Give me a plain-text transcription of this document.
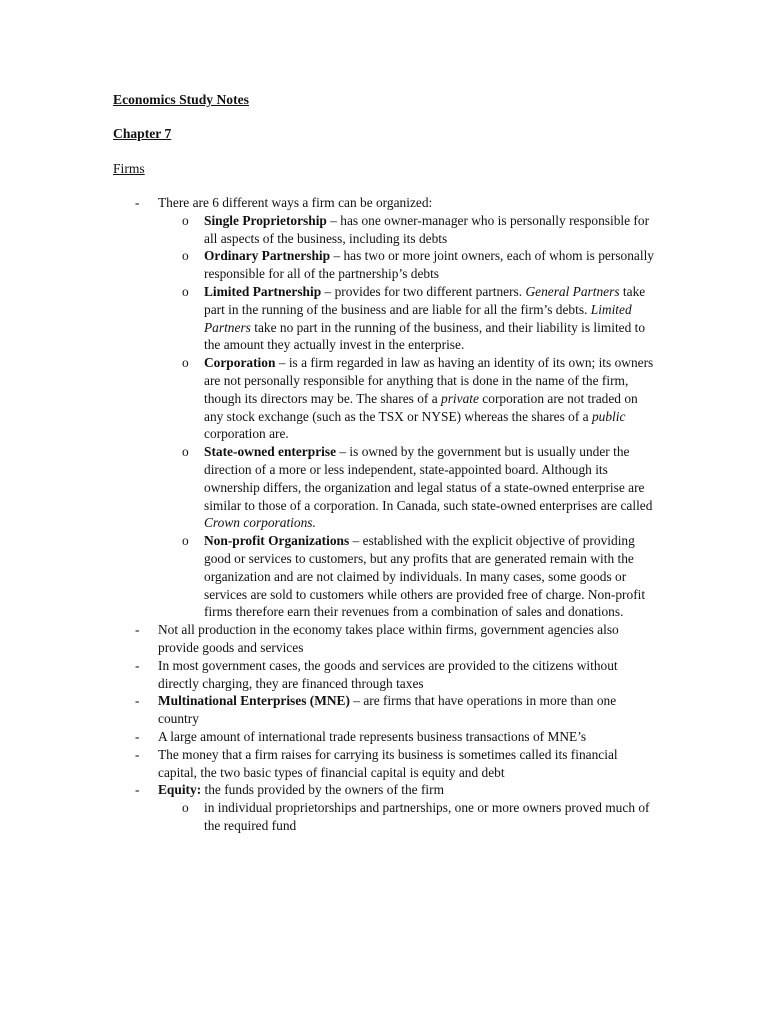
Economics Study Notes
Chapter 7
Firms
- There are 6 different ways a firm can be organized:
o Single Proprietorship – has one owner-manager who is personally responsible for all aspects of the business, including its debts
o Ordinary Partnership – has two or more joint owners, each of whom is personally responsible for all of the partnership’s debts
o Limited Partnership – provides for two different partners. General Partners take part in the running of the business and are liable for all the firm’s debts. Limited Partners take no part in the running of the business, and their liability is limited to the amount they actually invest in the enterprise.
o Corporation – is a firm regarded in law as having an identity of its own; its owners are not personally responsible for anything that is done in the name of the firm, though its directors may be. The shares of a private corporation are not traded on any stock exchange (such as the TSX or NYSE) whereas the shares of a public corporation are.
o State-owned enterprise – is owned by the government but is usually under the direction of a more or less independent, state-appointed board. Although its ownership differs, the organization and legal status of a state-owned enterprise are similar to those of a corporation. In Canada, such state-owned enterprises are called Crown corporations.
o Non-profit Organizations – established with the explicit objective of providing good or services to customers, but any profits that are generated remain with the organization and are not claimed by individuals. In many cases, some goods or services are sold to customers while others are provided free of charge. Non-profit firms therefore earn their revenues from a combination of sales and donations.
- Not all production in the economy takes place within firms, government agencies also provide goods and services
- In most government cases, the goods and services are provided to the citizens without directly charging, they are financed through taxes
- Multinational Enterprises (MNE) – are firms that have operations in more than one country
- A large amount of international trade represents business transactions of MNE’s
- The money that a firm raises for carrying its business is sometimes called its financial capital, the two basic types of financial capital is equity and debt
- Equity: the funds provided by the owners of the firm
o in individual proprietorships and partnerships, one or more owners proved much of the required fund
